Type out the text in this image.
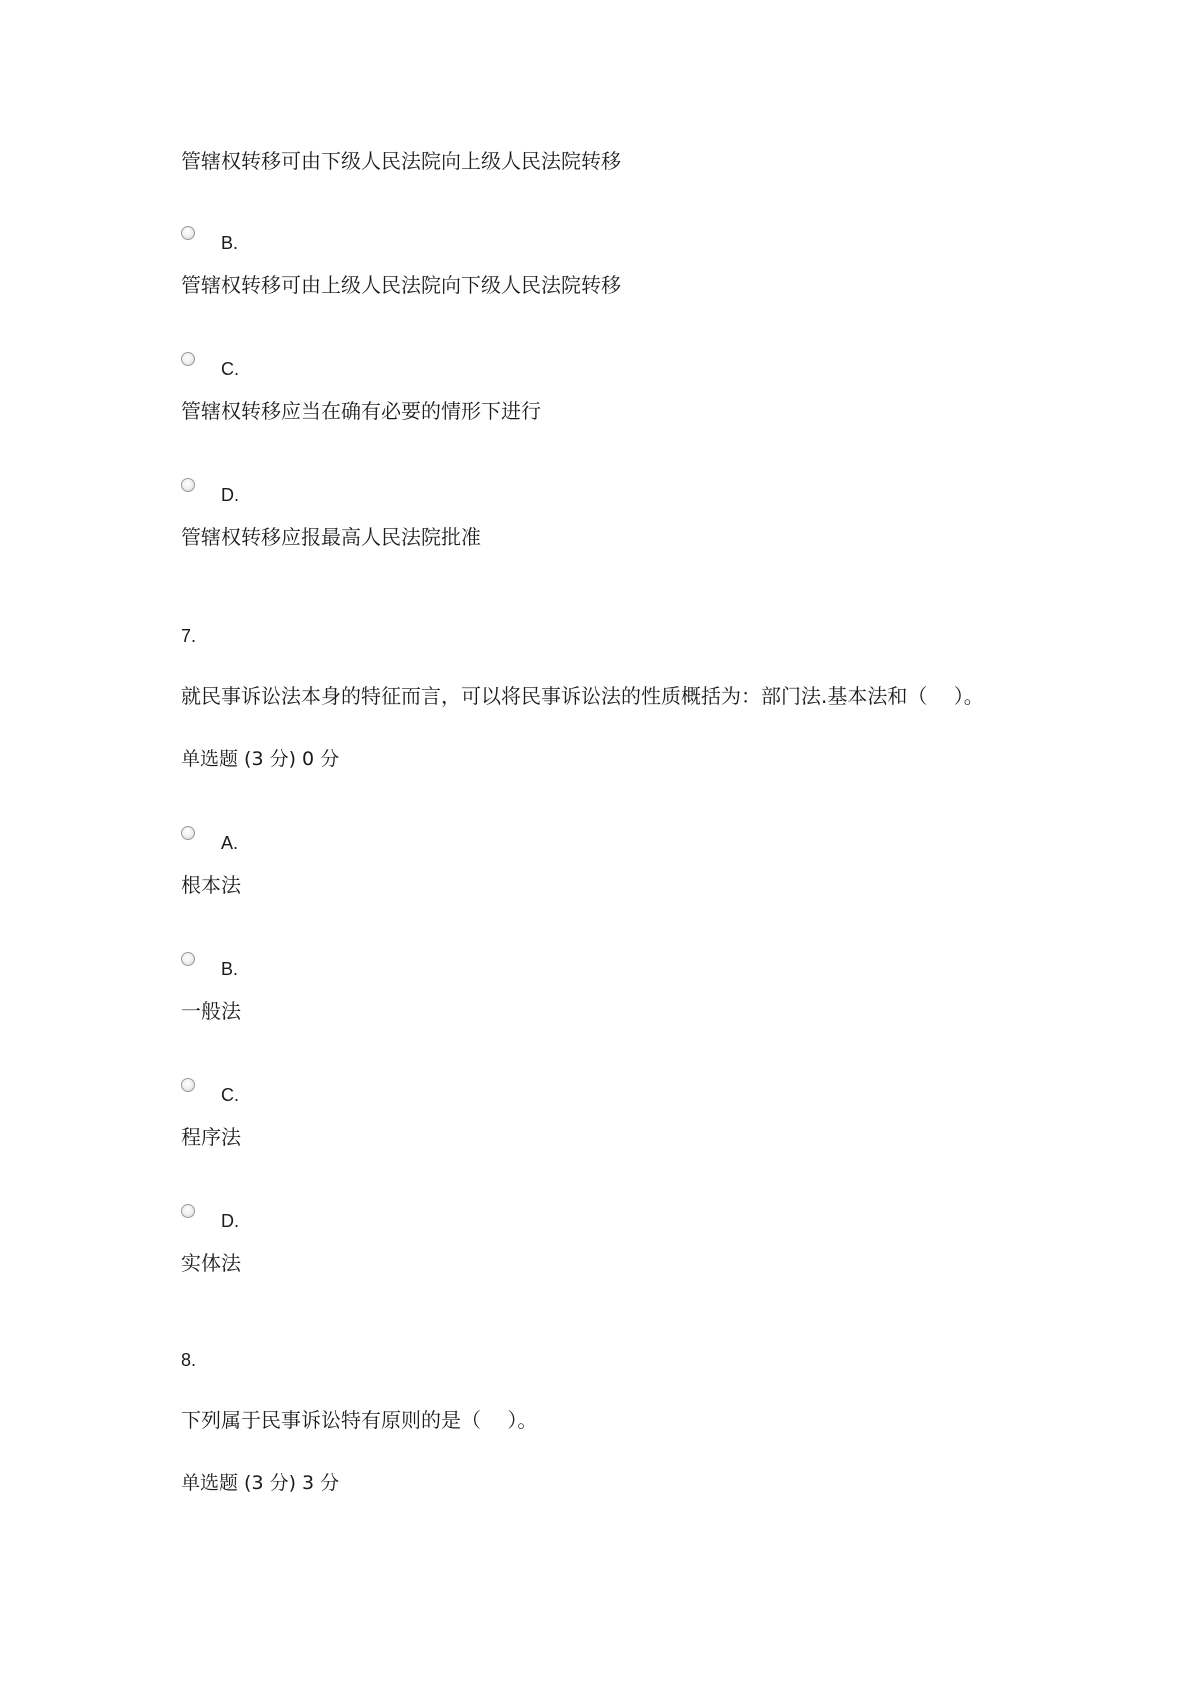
管辖权转移可由下级人民法院向上级人民法院转移
B.
管辖权转移可由上级人民法院向下级人民法院转移
C.
管辖权转移应当在确有必要的情形下进行
D.
管辖权转移应报最高人民法院批准
7.
就民事诉讼法本身的特征而言，可以将民事诉讼法的性质概括为：部门法.基本法和（　 ）。
单选题 (3 分) 0 分
A.
根本法
B.
一般法
C.
程序法
D.
实体法
8.
下列属于民事诉讼特有原则的是（　 ）。
单选题 (3 分) 3 分
